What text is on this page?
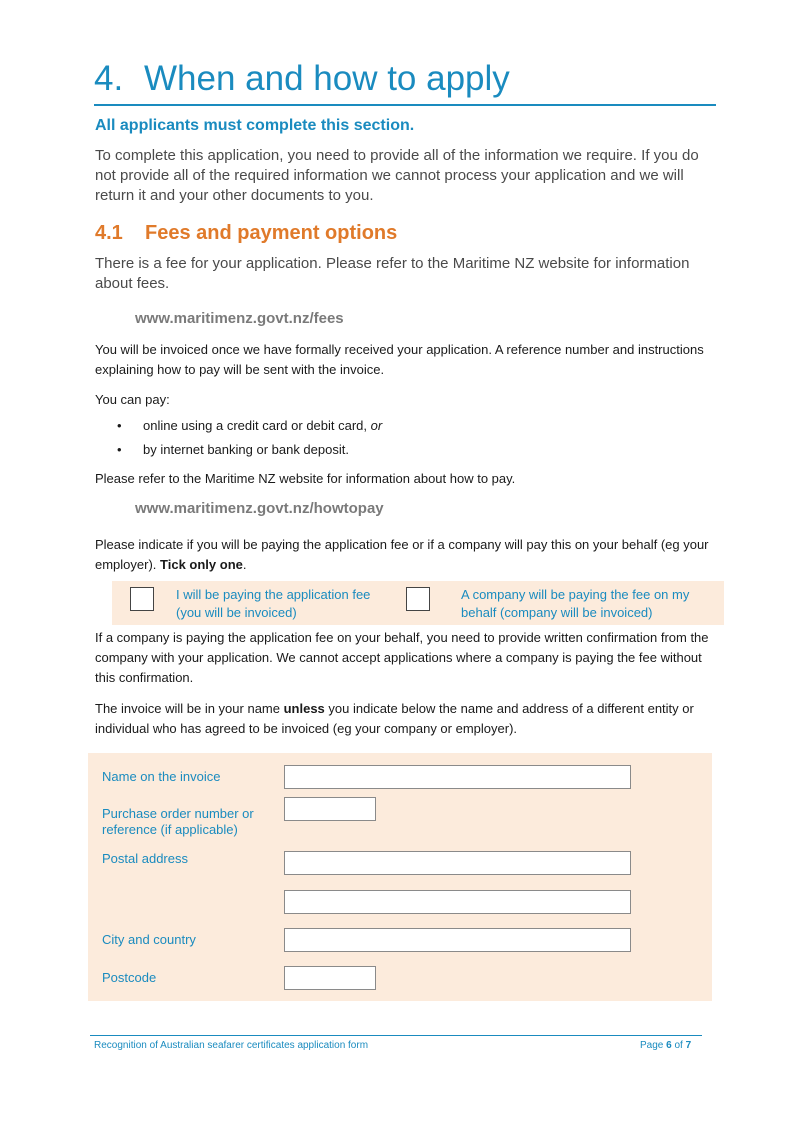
4. When and how to apply
All applicants must complete this section.

To complete this application, you need to provide all of the information we require. If you do not provide all of the required information we cannot process your application and we will return it and your other documents to you.

4.1 Fees and payment options

There is a fee for your application. Please refer to the Maritime NZ website for information about fees.

www.maritimenz.govt.nz/fees

You will be invoiced once we have formally received your application. A reference number and instructions explaining how to pay will be sent with the invoice.

You can pay:

• online using a credit card or debit card, or
• by internet banking or bank deposit.

Please refer to the Maritime NZ website for information about how to pay.

www.maritimenz.govt.nz/howtopay

Please indicate if you will be paying the application fee or if a company will pay this on your behalf (eg your employer). Tick only one.

I will be paying the application fee (you will be invoiced)
A company will be paying the fee on my behalf (company will be invoiced)

If a company is paying the application fee on your behalf, you need to provide written confirmation from the company with your application. We cannot accept applications where a company is paying the fee without this confirmation.

The invoice will be in your name unless you indicate below the name and address of a different entity or individual who has agreed to be invoiced (eg your company or employer).

Name on the invoice
Purchase order number or reference (if applicable)
Postal address
City and country
Postcode
Recognition of Australian seafarer certificates application form	Page 6 of 7
